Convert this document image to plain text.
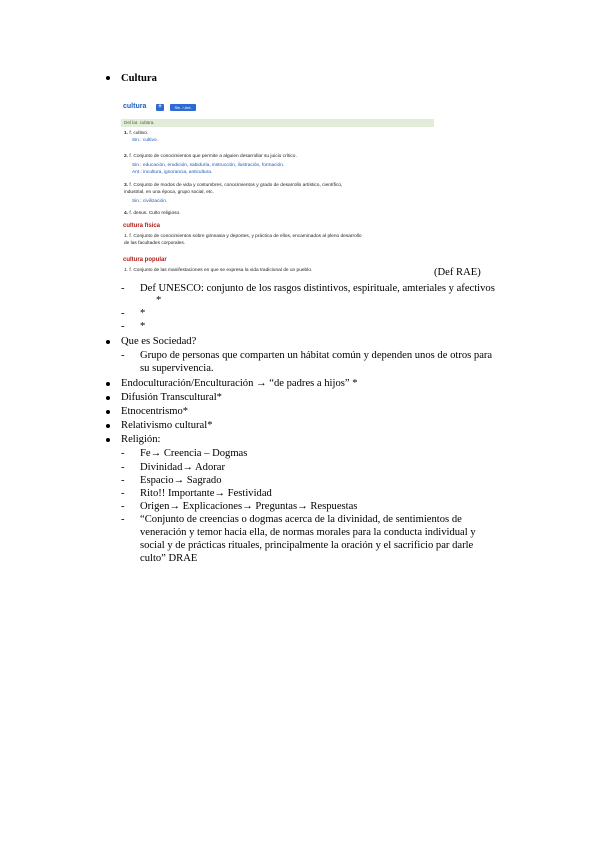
Cultura
cultura	+	Sin. / Ant.
Del lat. cultūra.
1. f. cultivo.
Sin.: cultivo.
2. f. Conjunto de conocimientos que permite a alguien desarrollar su juicio crítico.
Sin.: educación, erudición, sabiduría, instrucción, ilustración, formación.
Ant.: incultura, ignorancia, anticultura.
3. f. Conjunto de modos de vida y costumbres, conocimientos y grado de desarrollo artístico, científico,
industrial, en una época, grupo social, etc.
Sin.: civilización.
4. f. desus. Culto religioso.
cultura física
1. f. Conjunto de conocimientos sobre gimnasia y deportes, y práctica de ellos, encaminados al pleno desarrollo
de las facultades corporales.
cultura popular
1. f. Conjunto de las manifestaciones en que se expresa la vida tradicional de un pueblo.	(Def RAE)
- Def UNESCO: conjunto de los rasgos distintivos, espirituale, amteriales y afectivos
*
- *
- *
Que es Sociedad?
- Grupo de personas que comparten un hábitat común y dependen unos de otros para
su supervivencia.
Endoculturación/Enculturación → “de padres a hijos” *
Difusión Transcultural*
Etnocentrismo*
Relativismo cultural*
Religión:
- Fe→ Creencia – Dogmas
- Divinidad→ Adorar
- Espacio→ Sagrado
- Rito!! Importante→ Festividad
- Origen→ Explicaciones→ Preguntas→ Respuestas
- “Conjunto de creencias o dogmas acerca de la divinidad, de sentimientos de
veneración y temor hacia ella, de normas morales para la conducta individual y
social y de prácticas rituales, principalmente la oración y el sacrificio par darle
culto” DRAE
